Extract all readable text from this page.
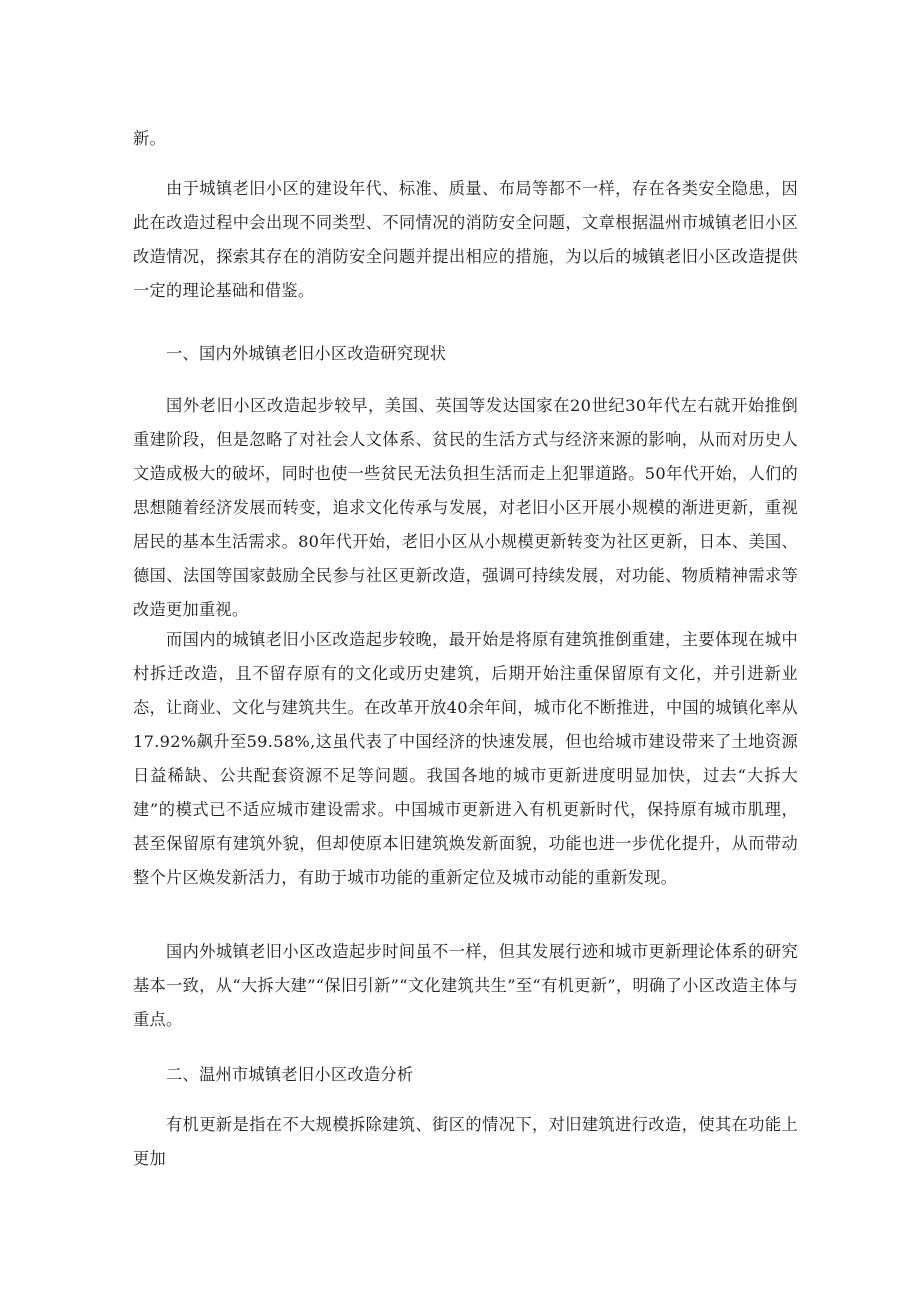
新。

由于城镇老旧小区的建设年代、标准、质量、布局等都不一样，存在各类安全隐患，因此在改造过程中会出现不同类型、不同情况的消防安全问题，文章根据温州市城镇老旧小区改造情况，探索其存在的消防安全问题并提出相应的措施，为以后的城镇老旧小区改造提供一定的理论基础和借鉴。

一、国内外城镇老旧小区改造研究现状

国外老旧小区改造起步较早，美国、英国等发达国家在20世纪30年代左右就开始推倒重建阶段，但是忽略了对社会人文体系、贫民的生活方式与经济来源的影响，从而对历史人文造成极大的破坏，同时也使一些贫民无法负担生活而走上犯罪道路。50年代开始，人们的思想随着经济发展而转变，追求文化传承与发展，对老旧小区开展小规模的渐进更新，重视居民的基本生活需求。80年代开始，老旧小区从小规模更新转变为社区更新，日本、美国、德国、法国等国家鼓励全民参与社区更新改造，强调可持续发展，对功能、物质精神需求等改造更加重视。

而国内的城镇老旧小区改造起步较晚，最开始是将原有建筑推倒重建，主要体现在城中村拆迁改造，且不留存原有的文化或历史建筑，后期开始注重保留原有文化，并引进新业态，让商业、文化与建筑共生。在改革开放40余年间，城市化不断推进，中国的城镇化率从17.92%飙升至59.58%,这虽代表了中国经济的快速发展，但也给城市建设带来了土地资源日益稀缺、公共配套资源不足等问题。我国各地的城市更新进度明显加快，过去“大拆大建”的模式已不适应城市建设需求。中国城市更新进入有机更新时代，保持原有城市肌理，甚至保留原有建筑外貌，但却使原本旧建筑焕发新面貌，功能也进一步优化提升，从而带动整个片区焕发新活力，有助于城市功能的重新定位及城市动能的重新发现。

国内外城镇老旧小区改造起步时间虽不一样，但其发展行迹和城市更新理论体系的研究基本一致，从“大拆大建”“保旧引新”“文化建筑共生”至“有机更新”，明确了小区改造主体与重点。

二、温州市城镇老旧小区改造分析

有机更新是指在不大规模拆除建筑、街区的情况下，对旧建筑进行改造，使其在功能上更加
